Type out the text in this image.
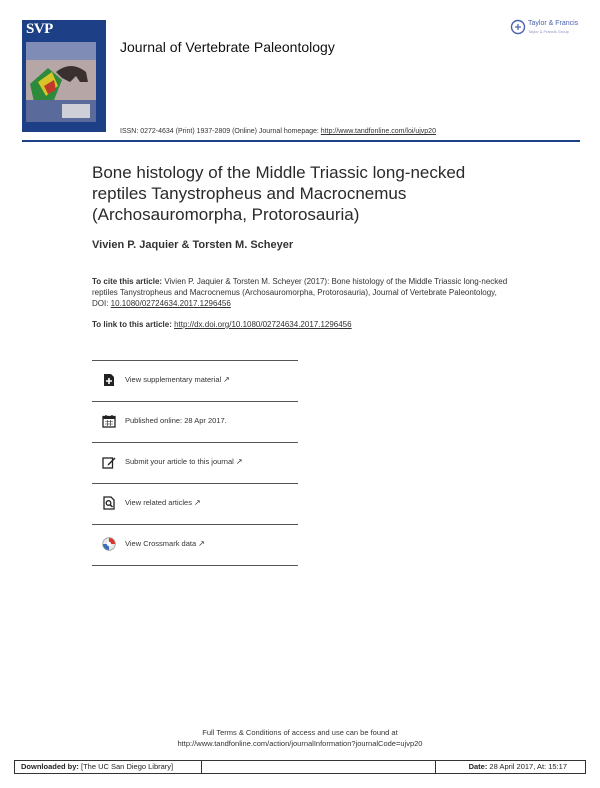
SVP
Journal of Vertebrate Paleontology
Taylor & Francis
Taylor & Francis Group
ISSN: 0272-4634 (Print) 1937-2809 (Online) Journal homepage: http://www.tandfonline.com/loi/ujvp20
Bone histology of the Middle Triassic long-necked reptiles Tanystropheus and Macrocnemus (Archosauromorpha, Protorosauria)
Vivien P. Jaquier & Torsten M. Scheyer
To cite this article: Vivien P. Jaquier & Torsten M. Scheyer (2017): Bone histology of the Middle Triassic long-necked reptiles Tanystropheus and Macrocnemus (Archosauromorpha, Protorosauria), Journal of Vertebrate Paleontology, DOI: 10.1080/02724634.2017.1296456
To link to this article: http://dx.doi.org/10.1080/02724634.2017.1296456
View supplementary material ↗
Published online: 28 Apr 2017.
Submit your article to this journal ↗
View related articles ↗
View Crossmark data ↗
Full Terms & Conditions of access and use can be found at
http://www.tandfonline.com/action/journalInformation?journalCode=ujvp20
Downloaded by: [The UC San Diego Library]	Date: 28 April 2017, At: 15:17
